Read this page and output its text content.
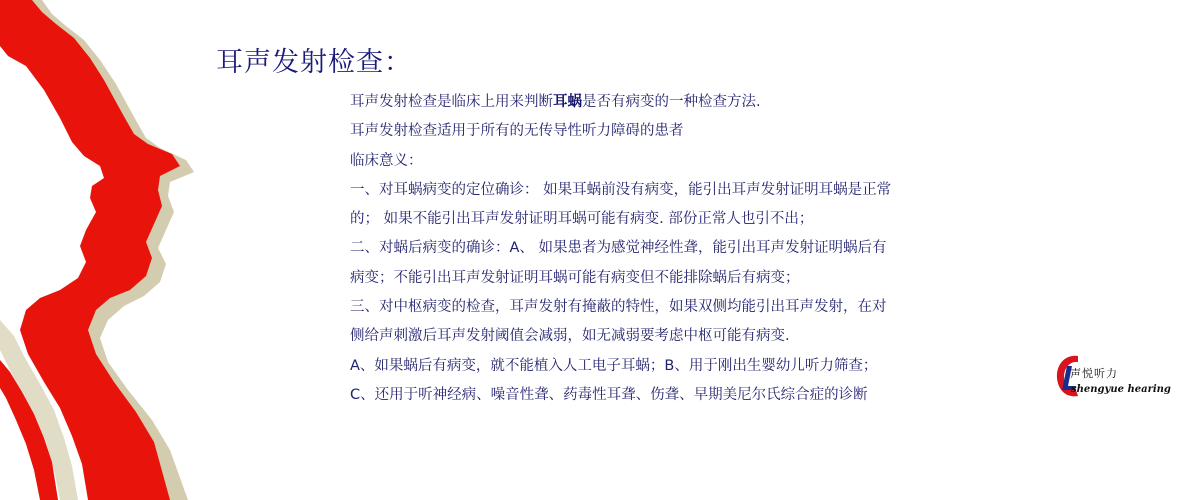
耳声发射检查：
耳声发射检查是临床上用来判断耳蜗是否有病变的一种检查方法.
耳声发射检查适用于所有的无传导性听力障碍的患者
临床意义：
一、对耳蜗病变的定位确诊： 如果耳蜗前没有病变，能引出耳声发射证明耳蜗是正常
的； 如果不能引出耳声发射证明耳蜗可能有病变. 部份正常人也引不出；
二、对蜗后病变的确诊：A、 如果患者为感觉神经性聋，能引出耳声发射证明蜗后有
病变；不能引出耳声发射证明耳蜗可能有病变但不能排除蜗后有病变；
三、对中枢病变的检查，耳声发射有掩蔽的特性，如果双侧均能引出耳声发射，在对
侧给声刺激后耳声发射阈值会减弱，如无减弱要考虑中枢可能有病变.
A、如果蜗后有病变，就不能植入人工电子耳蜗；B、用于刚出生婴幼儿听力筛查；
C、还用于听神经病、噪音性聋、药毒性耳聋、伤聋、早期美尼尔氏综合症的诊断
声悦听力
shengyue hearing
